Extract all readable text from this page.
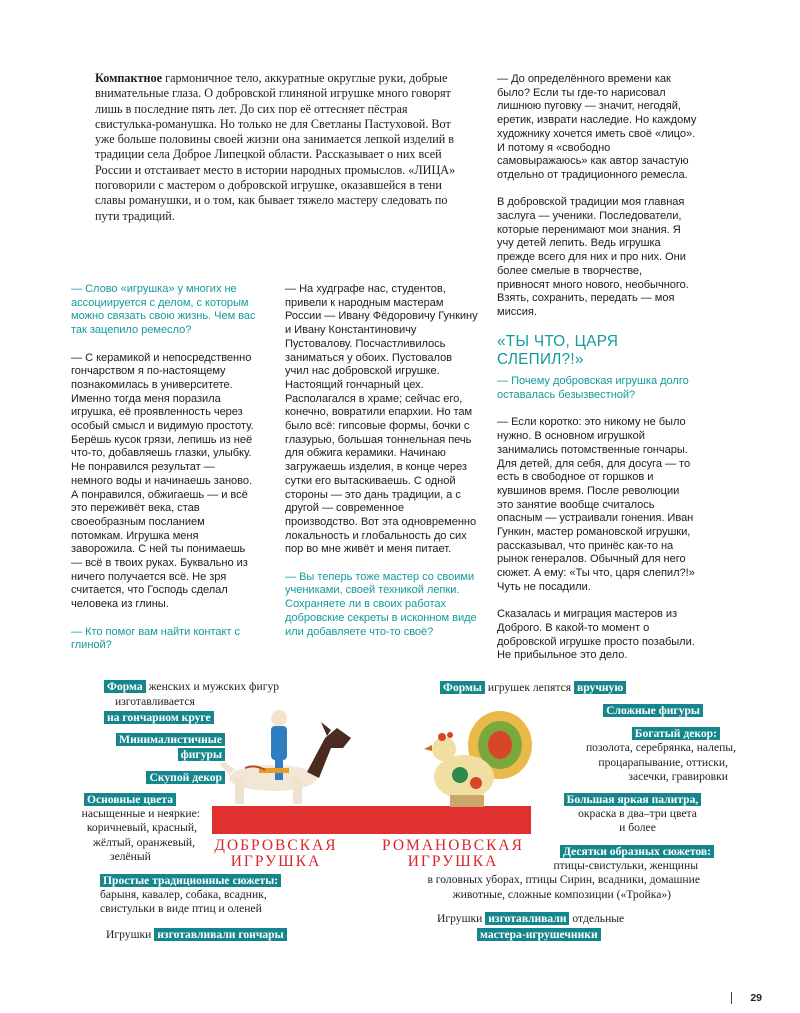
Компактное гармоничное тело, аккуратные округлые руки, добрые внимательные глаза. О добровской глиняной игрушке много говорят лишь в последние пять лет. До сих пор её оттесняет пёстрая свистулька-романушка. Но только не для Светланы Пастуховой. Вот уже больше половины своей жизни она занимается лепкой изделий в традиции села Доброе Липецкой области. Рассказывает о них всей России и отстаивает место в истории народных промыслов. «ЛИЦА» поговорили с мастером о добровской игрушке, оказавшейся в тени славы романушки, и о том, как бывает тяжело мастеру следовать по пути традиций.

— Слово «игрушка» у многих не ассоциируется с делом, с которым можно связать свою жизнь. Чем вас так зацепило ремесло?

— С керамикой и непосредственно гончарством я по-настоящему познакомилась в университете. Именно тогда меня поразила игрушка, её проявленность через особый смысл и видимую простоту. Берёшь кусок грязи, лепишь из неё что-то, добавляешь глазки, улыбку. Не понравился результат — немного воды и начинаешь заново. А понравился, обжигаешь — и всё это переживёт века, став своеобразным посланием потомкам. Игрушка меня заворожила. С ней ты понимаешь — всё в твоих руках. Буквально из ничего получается всё. Не зря считается, что Господь сделал человека из глины.

— Кто помог вам найти контакт с глиной?

— На худграфе нас, студентов, привели к народным мастерам России — Ивану Фёдоровичу Гункину и Ивану Константиновичу Пустовалову. Посчастливилось заниматься у обоих. Пустовалов учил нас добровской игрушке. Настоящий гончарный цех. Располагался в храме; сейчас его, конечно, вовратили епархии. Но там было всё: гипсовые формы, бочки с глазурью, большая тоннельная печь для обжига керамики. Начинаю загружаешь изделия, в конце через сутки его вытаскиваешь. С одной стороны — это дань традиции, а с другой — современное производство. Вот эта одновременно локальность и глобальность до сих пор во мне живёт и меня питает.

— Вы теперь тоже мастер со своими учениками, своей техникой лепки. Сохраняете ли в своих работах добровские секреты в исконном виде или добавляете что-то своё?

— До определённого времени как было? Если ты где-то нарисовал лишнюю пуговку — значит, негодяй, еретик, изврати наследие. Но каждому художнику хочется иметь своё «лицо». И потому я «свободно самовыражаюсь» как автор зачастую отдельно от традиционного ремесла.

В добровской традиции моя главная заслуга — ученики. Последователи, которые перенимают мои знания. Я учу детей лепить. Ведь игрушка прежде всего для них и про них. Они более смелые в творчестве, привносят много нового, необычного. Взять, сохранить, передать — моя миссия.

«ТЫ ЧТО, ЦАРЯ СЛЕПИЛ?!»

— Почему добровская игрушка долго оставалась безызвестной?

— Если коротко: это никому не было нужно. В основном игрушкой занимались потомственные гончары. Для детей, для себя, для досуга — то есть в свободное от горшков и кувшинов время. После революции это занятие вообще считалось опасным — устраивали гонения. Иван Гункин, мастер романовской игрушки, рассказывал, что принёс как-то на рынок генералов. Обычный для него сюжет. А ему: «Ты что, царя слепил?!» Чуть не посадили.

Сказалась и миграция мастеров из Доброго. В какой-то момент о добровской игрушке просто позабыли. Не прибыльное это дело.

ДОБРОВСКАЯ
ИГРУШКА
РОМАНОВСКАЯ
ИГРУШКА
Форма женских и мужских фигур
изготавливается
на гончарном круге
Минималистичные
фигуры
Скупой декор
Основные цвета
насыщенные и неяркие:
коричневый, красный,
жёлтый, оранжевый,
зелёный
Простые традиционные сюжеты:
барыня, кавалер, собака, всадник,
свистульки в виде птиц и оленей
Игрушки изготавливали гончары
Формы игрушек лепятся вручную
Сложные фигуры
Богатый декор:
позолота, серебрянка, налепы,
процарапывание, оттиски,
засечки, гравировки
Большая яркая палитра,
окраска в два–три цвета
и более
Десятки образных сюжетов:
птицы-свистульки, женщины
в головных уборах, птицы Сирин, всадники, домашние
животные, сложные композиции («Тройка»)
Игрушки изготавливали отдельные
мастера-игрушечники
29
